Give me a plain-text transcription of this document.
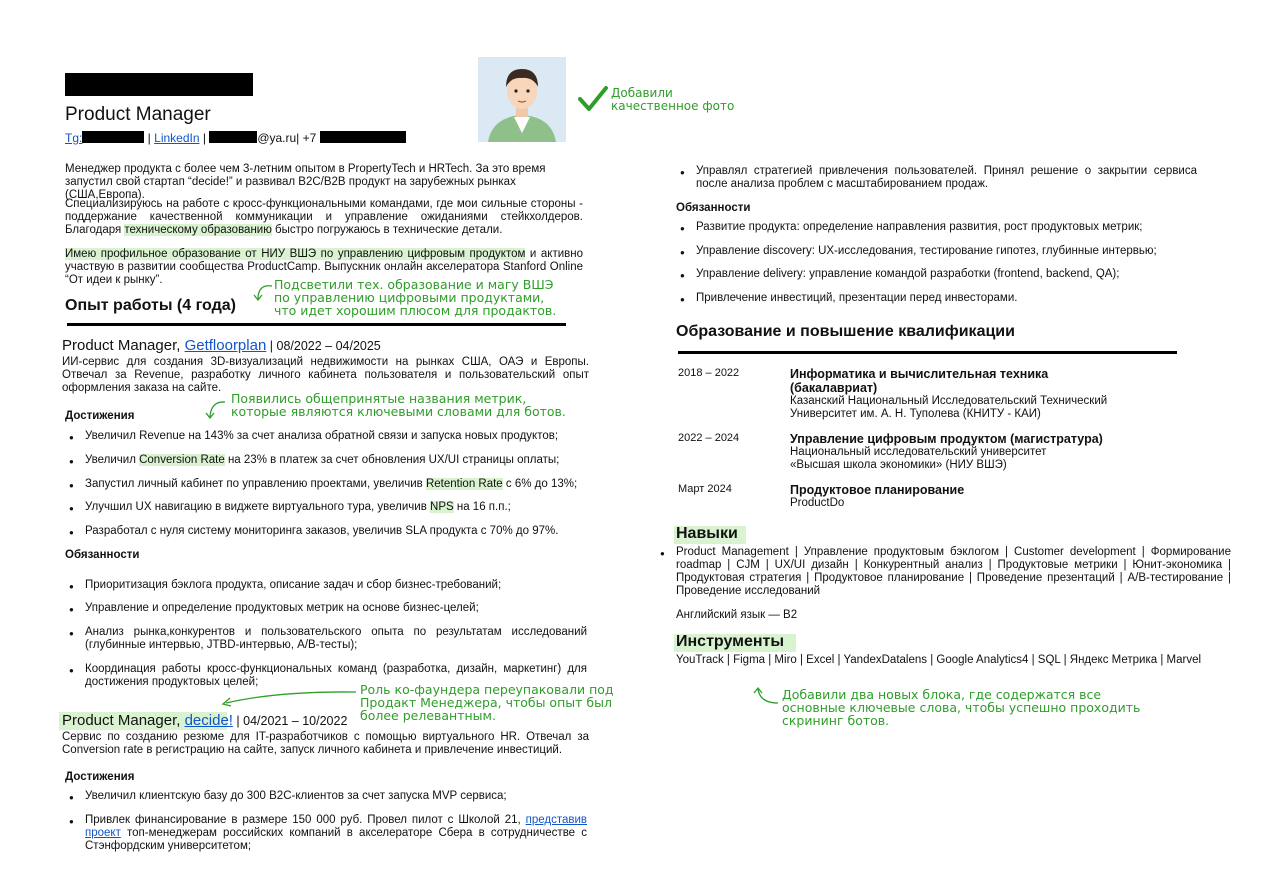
Product Manager
Tg:	| LinkedIn |	@ya.ru| +7
Добавили
качественное фото
Менеджер продукта с более чем 3-летним опытом в PropertyTech и HRTech. За это время запустил свой стартап “decide!” и развивал B2C/B2B продукт на зарубежных рынках (США,Европа).
Специализируюсь на работе с кросс-функциональными командами, где мои сильные стороны - поддержание качественной коммуникации и управление ожиданиями стейкхолдеров. Благодаря техническому образованию быстро погружаюсь в технические детали.
Имею профильное образование от НИУ ВШЭ по управлению цифровым продуктом и активно участвую в развитии сообщества ProductCamp. Выпускник онлайн акселератора Stanford Online “От идеи к рынку”.	Подсветили тех. образование и магу ВШЭ
по управлению цифровыми продуктами,
что идет хорошим плюсом для продактов.
Опыт работы (4 года)
Product Manager, Getfloorplan | 08/2022 – 04/2025
ИИ-сервис для создания 3D-визуализаций недвижимости на рынках США, ОАЭ и Европы. Отвечал за Revenue, разработку личного кабинета пользователя и пользовательский опыт оформления заказа на сайте.
Появились общепринятые названия метрик,
которые являются ключевыми словами для ботов.
Достижения
● Увеличил Revenue на 143% за счет анализа обратной связи и запуска новых продуктов;
● Увеличил Conversion Rate на 23% в платеж за счет обновления UX/UI страницы оплаты;
● Запустил личный кабинет по управлению проектами, увеличив Retention Rate с 6% до 13%;
● Улучшил UX навигацию в виджете виртуального тура, увеличив NPS на 16 п.п.;
● Разработал с нуля систему мониторинга заказов, увеличив SLA продукта с 70% до 97%.
Обязанности
● Приоритизация бэклога продукта, описание задач и сбор бизнес-требований;
● Управление и определение продуктовых метрик на основе бизнес-целей;
● Анализ рынка,конкурентов и пользовательского опыта по результатам исследований (глубинные интервью, JTBD-интервью, A/B-тесты);
● Координация работы кросс-функциональных команд (разработка, дизайн, маркетинг) для достижения продуктовых целей;	Роль ко-фаундера переупаковали под
Продакт Менеджера, чтобы опыт был
более релевантным.
Product Manager, decide! | 04/2021 – 10/2022
Сервис по созданию резюме для IT-разработчиков с помощью виртуального HR. Отвечал за Conversion rate в регистрацию на сайте, запуск личного кабинета и привлечение инвестиций.
Достижения
● Увеличил клиентскую базу до 300 B2C-клиентов за счет запуска MVP сервиса;
● Привлек финансирование в размере 150 000 руб. Провел пилот с Школой 21, представив проект топ-менеджерам российских компаний в акселераторе Сбера в сотрудничестве с Стэнфордским университетом;
● Управлял стратегией привлечения пользователей. Принял решение о закрытии сервиса после анализа проблем с масштабированием продаж.
Обязанности
● Развитие продукта: определение направления развития, рост продуктовых метрик;
● Управление discovery: UX-исследования, тестирование гипотез, глубинные интервью;
● Управление delivery: управление командой разработки (frontend, backend, QA);
● Привлечение инвестиций, презентации перед инвесторами.
Образование и повышение квалификации
2018 – 2022	Информатика и вычислительная техника (бакалавриат)
Казанский Национальный Исследовательский Технический Университет им. А. Н. Туполева (КНИТУ - КАИ)
2022 – 2024	Управление цифровым продуктом (магистратура)
Национальный исследовательский университет «Высшая школа экономики» (НИУ ВШЭ)
Март 2024	Продуктовое планирование
ProductDo
Навыки
● Product Management | Управление продуктовым бэклогом | Customer development | Формирование roadmap | CJM | UX/UI дизайн | Конкурентный анализ | Продуктовые метрики | Юнит-экономика | Продуктовая стратегия | Продуктовое планирование | Проведение презентаций | A/B-тестирование | Проведение исследований
Английский язык — B2
Инструменты
YouTrack | Figma | Miro | Excel | YandexDatalens | Google Analytics4 | SQL | Яндекс Метрика | Marvel
Добавили два новых блока, где содержатся все
основные ключевые слова, чтобы успешно проходить
скрининг ботов.
